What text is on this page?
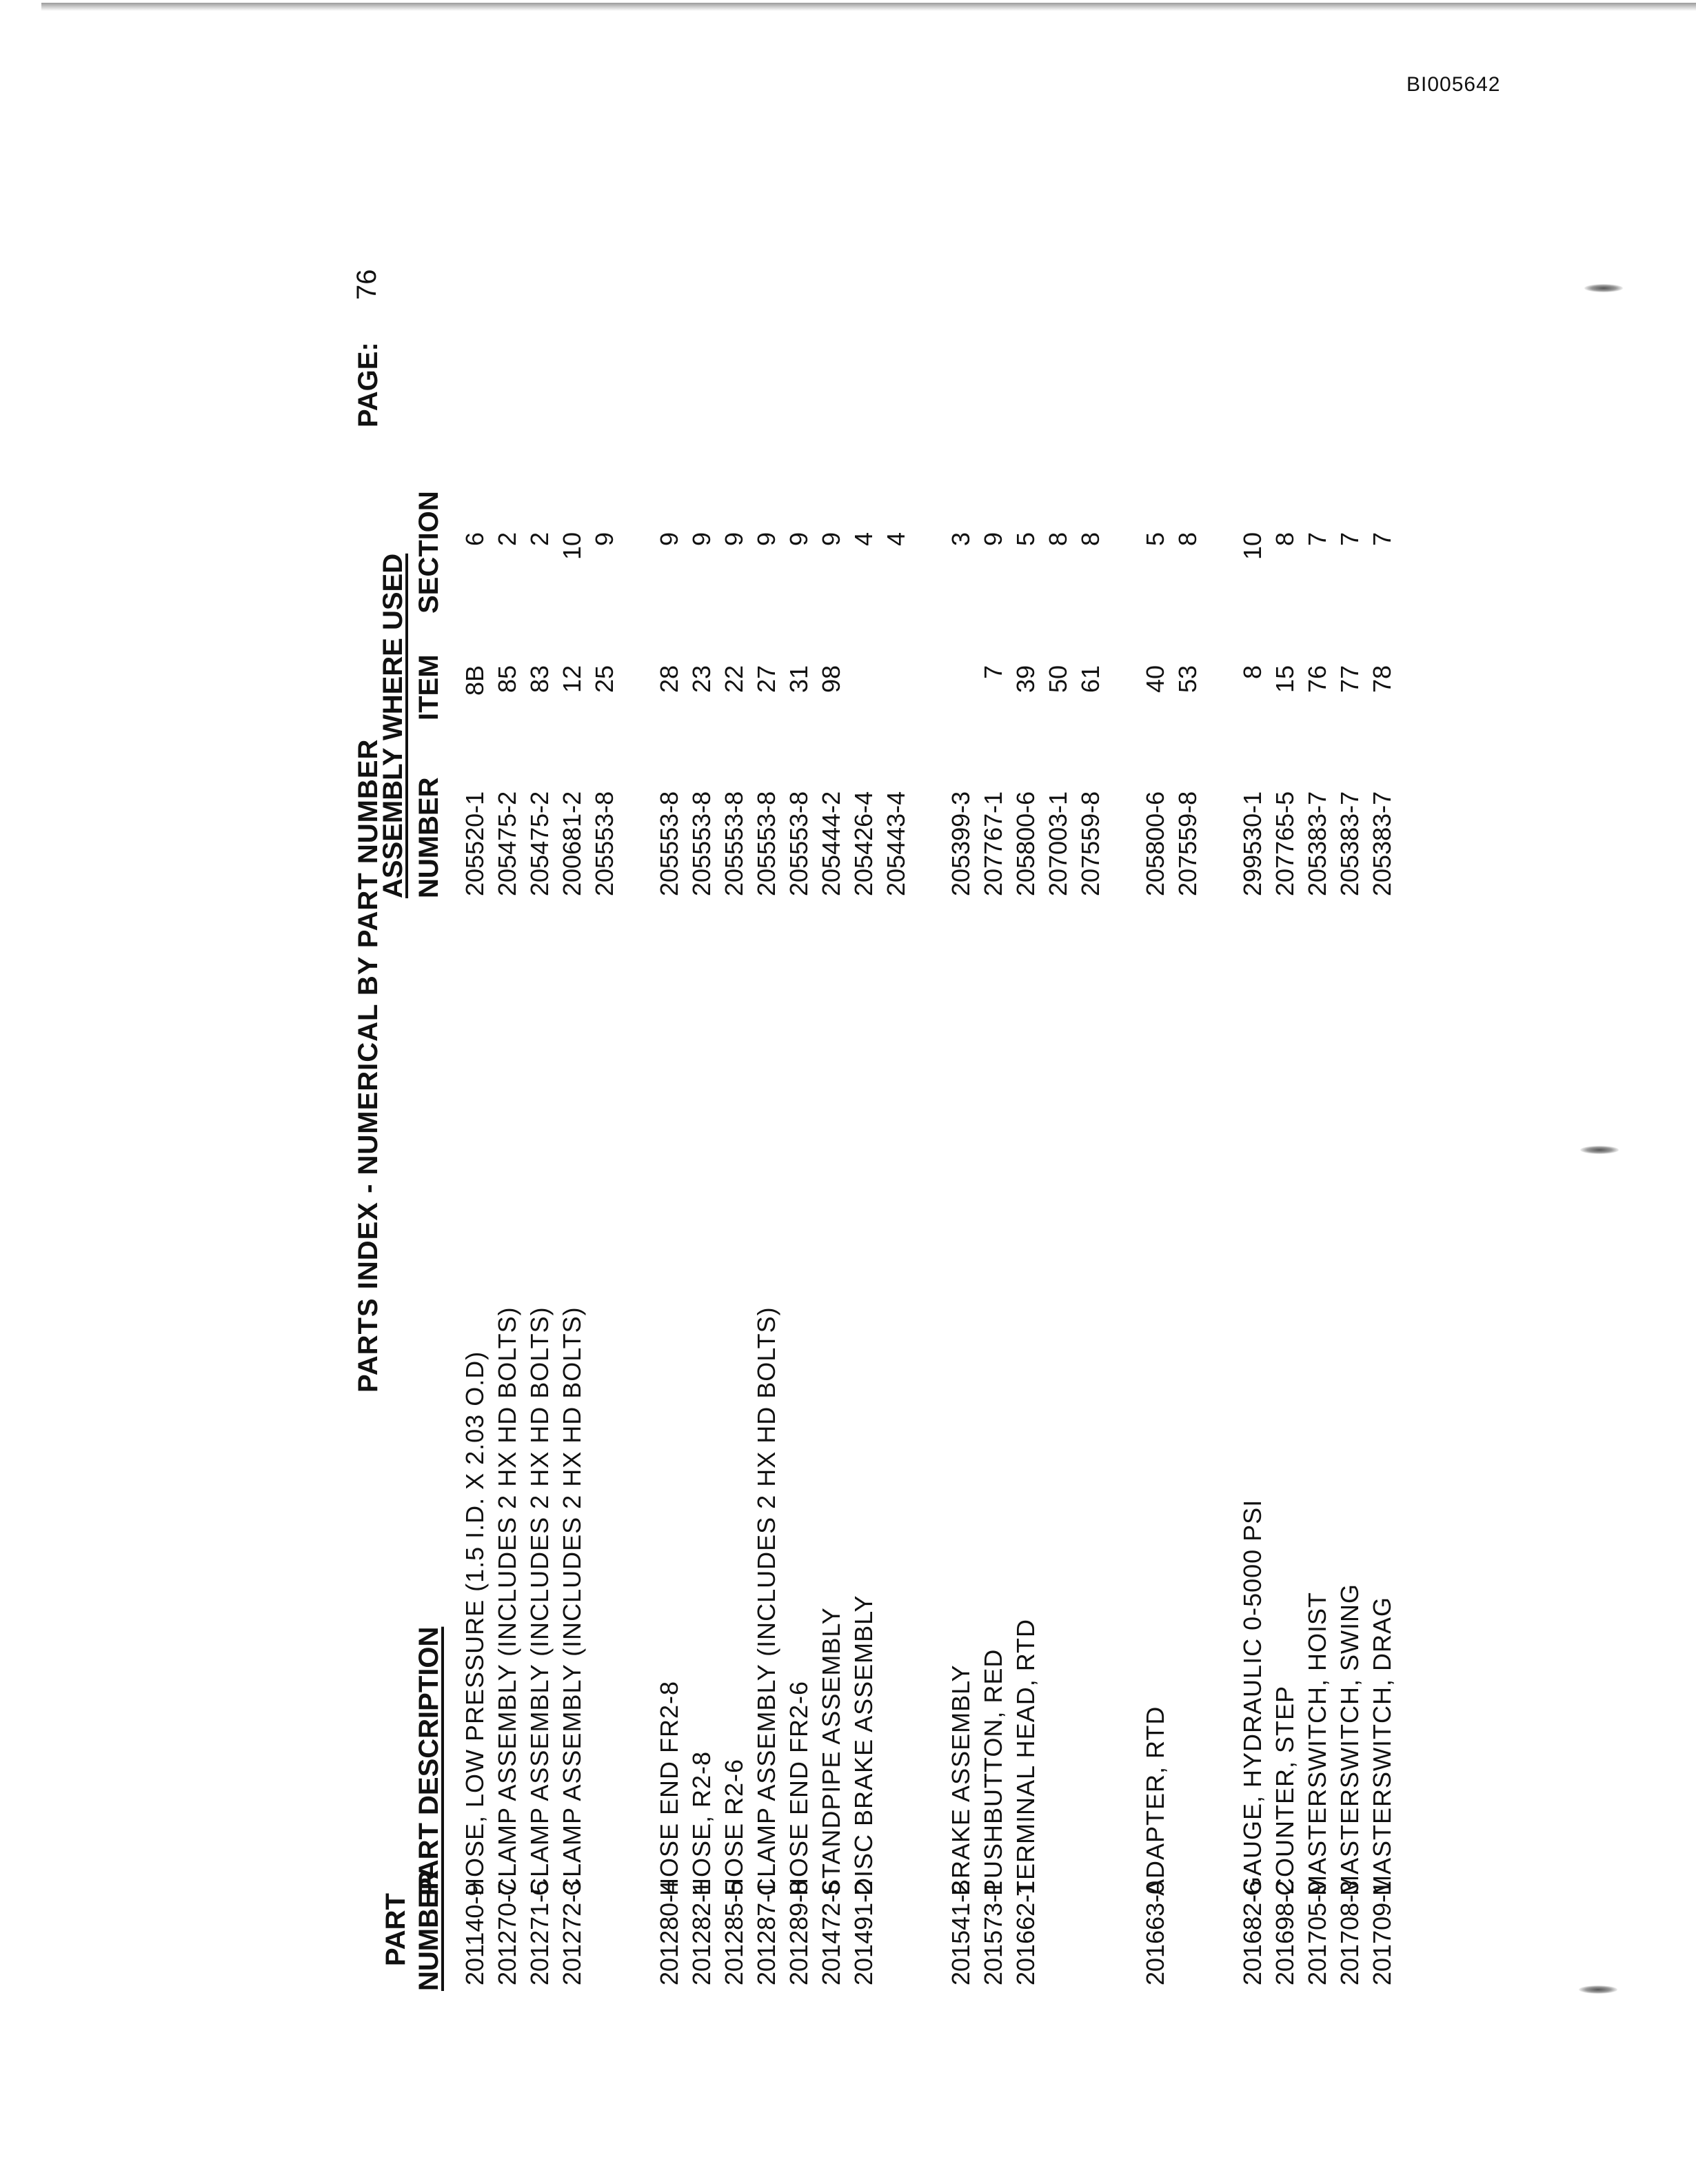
BI005642
PARTS INDEX - NUMERICAL BY PART NUMBER
PAGE:
76
PART NUMBER
PART DESCRIPTION
ASSEMBLY WHERE USED NUMBER
ITEM
SECTION
201140-9
HOSE, LOW PRESSURE (1.5 I.D. X 2.03 O.D)
205520-1
8B
6
201270-7
CLAMP ASSEMBLY (INCLUDES 2 HX HD BOLTS)
205475-2
85
2
201271-5
CLAMP ASSEMBLY (INCLUDES 2 HX HD BOLTS)
205475-2
83
2
201272-3
CLAMP ASSEMBLY (INCLUDES 2 HX HD BOLTS)
200681-2
12
10
205553-8
25
9
201280-4
HOSE END FR2-8
205553-8
28
9
201282-1
HOSE, R2-8
205553-8
23
9
201285-5
HOSE R2-6
205553-8
22
9
201287-1
CLAMP ASSEMBLY (INCLUDES 2 HX HD BOLTS)
205553-8
27
9
201289-8
HOSE END FR2-6
205553-8
31
9
201472-6
STANDPIPE ASSEMBLY
205444-2
98
9
201491-2
DISC BRAKE ASSEMBLY
205426-4
4
205443-4
4
201541-2
BRAKE ASSEMBLY
205399-3
3
201573-1
PUSHBUTTON, RED
207767-1
7
9
201662-1
TERMINAL HEAD, RTD
205800-6
39
5
207003-1
50
8
207559-8
61
8
201663-0
ADAPTER, RTD
205800-6
40
5
207559-8
53
8
201682-6
GAUGE, HYDRAULIC 0-5000 PSI
299530-1
8
10
201698-2
COUNTER, STEP
207765-5
15
8
201705-9
MASTERSWITCH, HOIST
205383-7
76
7
201708-3
MASTERSWITCH, SWING
205383-7
77
7
201709-1
MASTERSWITCH, DRAG
205383-7
78
7
